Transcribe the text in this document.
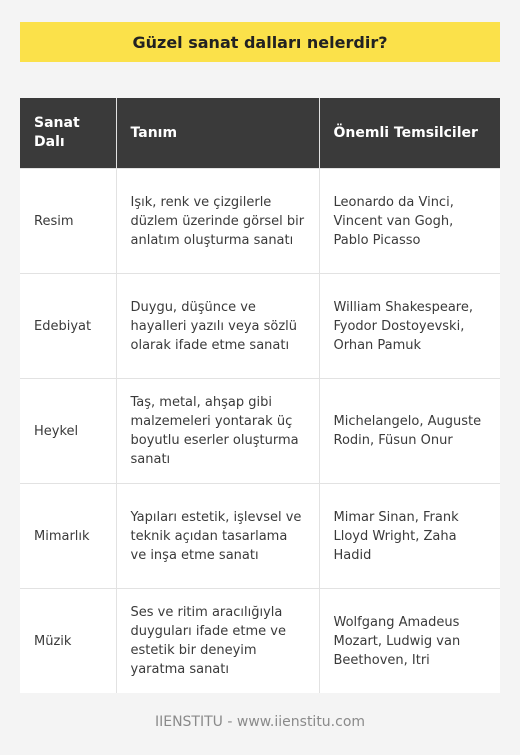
Güzel sanat dalları nelerdir?
Sanat Dalı	Tanım	Önemli Temsilciler
Resim	Işık, renk ve çizgilerle düzlem üzerinde görsel bir anlatım oluşturma sanatı	Leonardo da Vinci, Vincent van Gogh, Pablo Picasso
Edebiyat	Duygu, düşünce ve hayalleri yazılı veya sözlü olarak ifade etme sanatı	William Shakespeare, Fyodor Dostoyevski, Orhan Pamuk
Heykel	Taş, metal, ahşap gibi malzemeleri yontarak üç boyutlu eserler oluşturma sanatı	Michelangelo, Auguste Rodin, Füsun Onur
Mimarlık	Yapıları estetik, işlevsel ve teknik açıdan tasarlama ve inşa etme sanatı	Mimar Sinan, Frank Lloyd Wright, Zaha Hadid
Müzik	Ses ve ritim aracılığıyla duyguları ifade etme ve estetik bir deneyim yaratma sanatı	Wolfgang Amadeus Mozart, Ludwig van Beethoven, Itri
IIENSTITU - www.iienstitu.com
